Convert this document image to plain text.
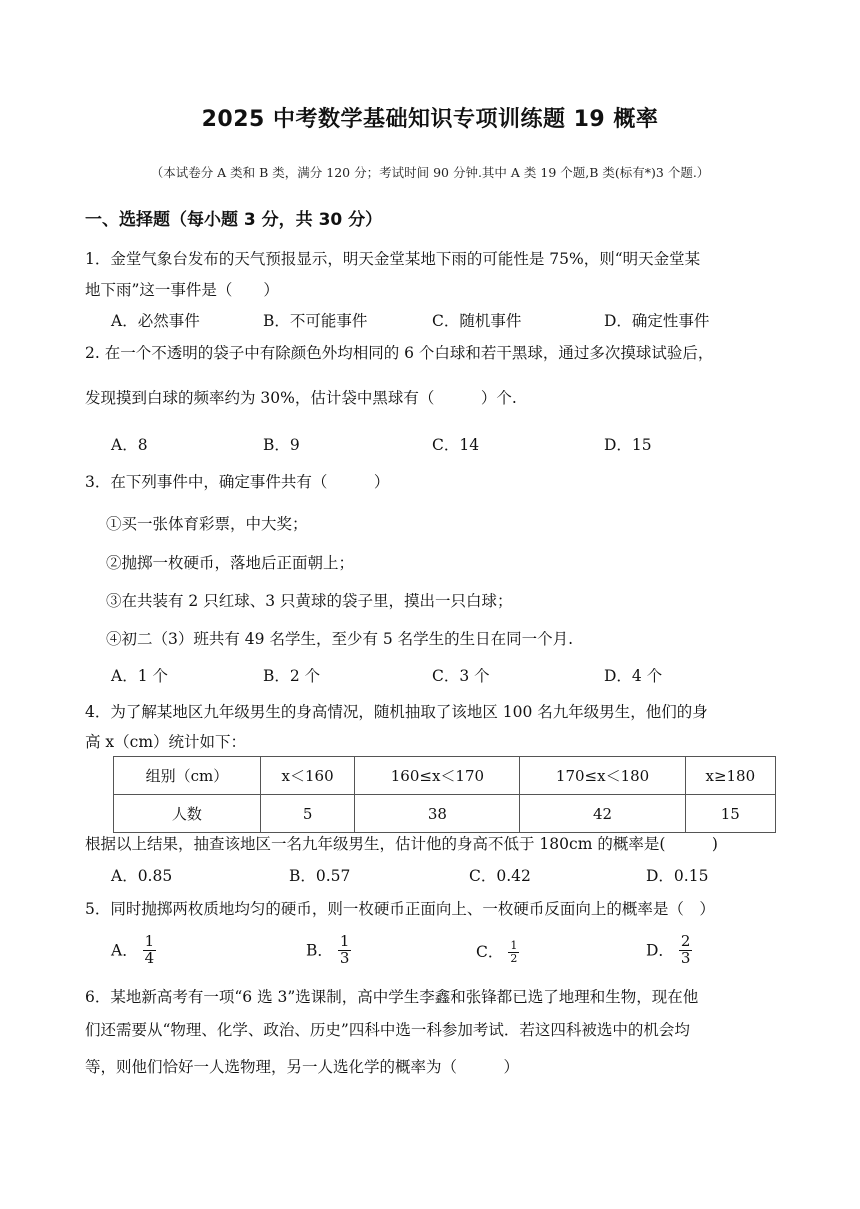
2025 中考数学基础知识专项训练题 19 概率
（本试卷分 A 类和 B 类，满分 120 分；考试时间 90 分钟.其中 A 类 19 个题,B 类(标有*)3 个题.）
一、选择题（每小题 3 分，共 30 分）
1．金堂气象台发布的天气预报显示，明天金堂某地下雨的可能性是 75%，则“明天金堂某
地下雨”这一事件是（　　）
A．必然事件	B．不可能事件	C．随机事件	D．确定性事件
2. 在一个不透明的袋子中有除颜色外均相同的 6 个白球和若干黑球，通过多次摸球试验后，
发现摸到白球的频率约为 30%，估计袋中黑球有（　　　）个.
A．8	B．9	C．14	D．15
3．在下列事件中，确定事件共有（　　　）
①买一张体育彩票，中大奖；
②抛掷一枚硬币，落地后正面朝上；
③在共装有 2 只红球、3 只黄球的袋子里，摸出一只白球；
④初二（3）班共有 49 名学生，至少有 5 名学生的生日在同一个月.
A．1 个	B．2 个	C．3 个	D．4 个
4．为了解某地区九年级男生的身高情况，随机抽取了该地区 100 名九年级男生，他们的身
高 x（cm）统计如下：
组别（cm）	x＜160	160≤x＜170	170≤x＜180	x≥180
人数	5	38	42	15
根据以上结果，抽查该地区一名九年级男生，估计他的身高不低于 180cm 的概率是(　　　)
A．0.85	B．0.57	C．0.42	D．0.15
5．同时抛掷两枚质地均匀的硬币，则一枚硬币正面向上、一枚硬币反面向上的概率是（　）
A． $\frac{1}{4}$	B． $\frac{1}{3}$	C． $\frac{1}{2}$	D． $\frac{2}{3}$
6．某地新高考有一项“6 选 3”选课制，高中学生李鑫和张锋都已选了地理和生物，现在他
们还需要从“物理、化学、政治、历史”四科中选一科参加考试．若这四科被选中的机会均
等，则他们恰好一人选物理，另一人选化学的概率为（　　　）
